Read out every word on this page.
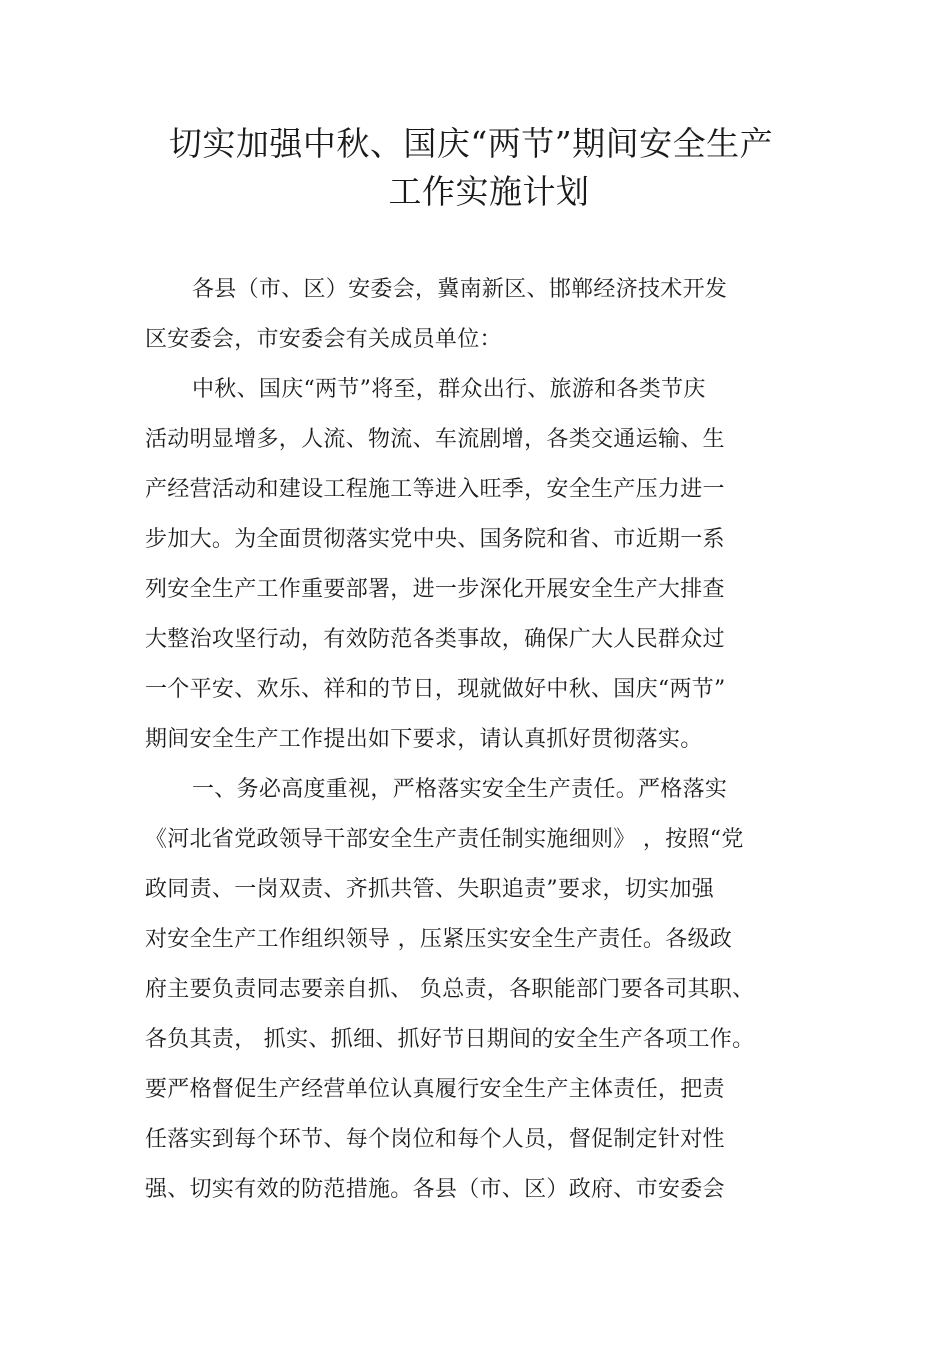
切实加强中秋、国庆“两节”期间安全生产
工作实施计划
各县（市、区）安委会，冀南新区、邯郸经济技术开发
区安委会，市安委会有关成员单位：
中秋、国庆“两节”将至，群众出行、旅游和各类节庆
活动明显增多，人流、物流、车流剧增，各类交通运输、生
产经营活动和建设工程施工等进入旺季，安全生产压力进一
步加大。为全面贯彻落实党中央、国务院和省、市近期一系
列安全生产工作重要部署，进一步深化开展安全生产大排查
大整治攻坚行动，有效防范各类事故，确保广大人民群众过
一个平安、欢乐、祥和的节日，现就做好中秋、国庆“两节”
期间安全生产工作提出如下要求，请认真抓好贯彻落实。
一、务必高度重视，严格落实安全生产责任。严格落实
《河北省党政领导干部安全生产责任制实施细则》 ，按照“党
政同责、一岗双责、齐抓共管、失职追责”要求，切实加强
对安全生产工作组织领导 ，压紧压实安全生产责任。各级政
府主要负责同志要亲自抓、 负总责，各职能部门要各司其职、
各负其责， 抓实、抓细、抓好节日期间的安全生产各项工作。
要严格督促生产经营单位认真履行安全生产主体责任，把责
任落实到每个环节、每个岗位和每个人员，督促制定针对性
强、切实有效的防范措施。各县（市、区）政府、市安委会
